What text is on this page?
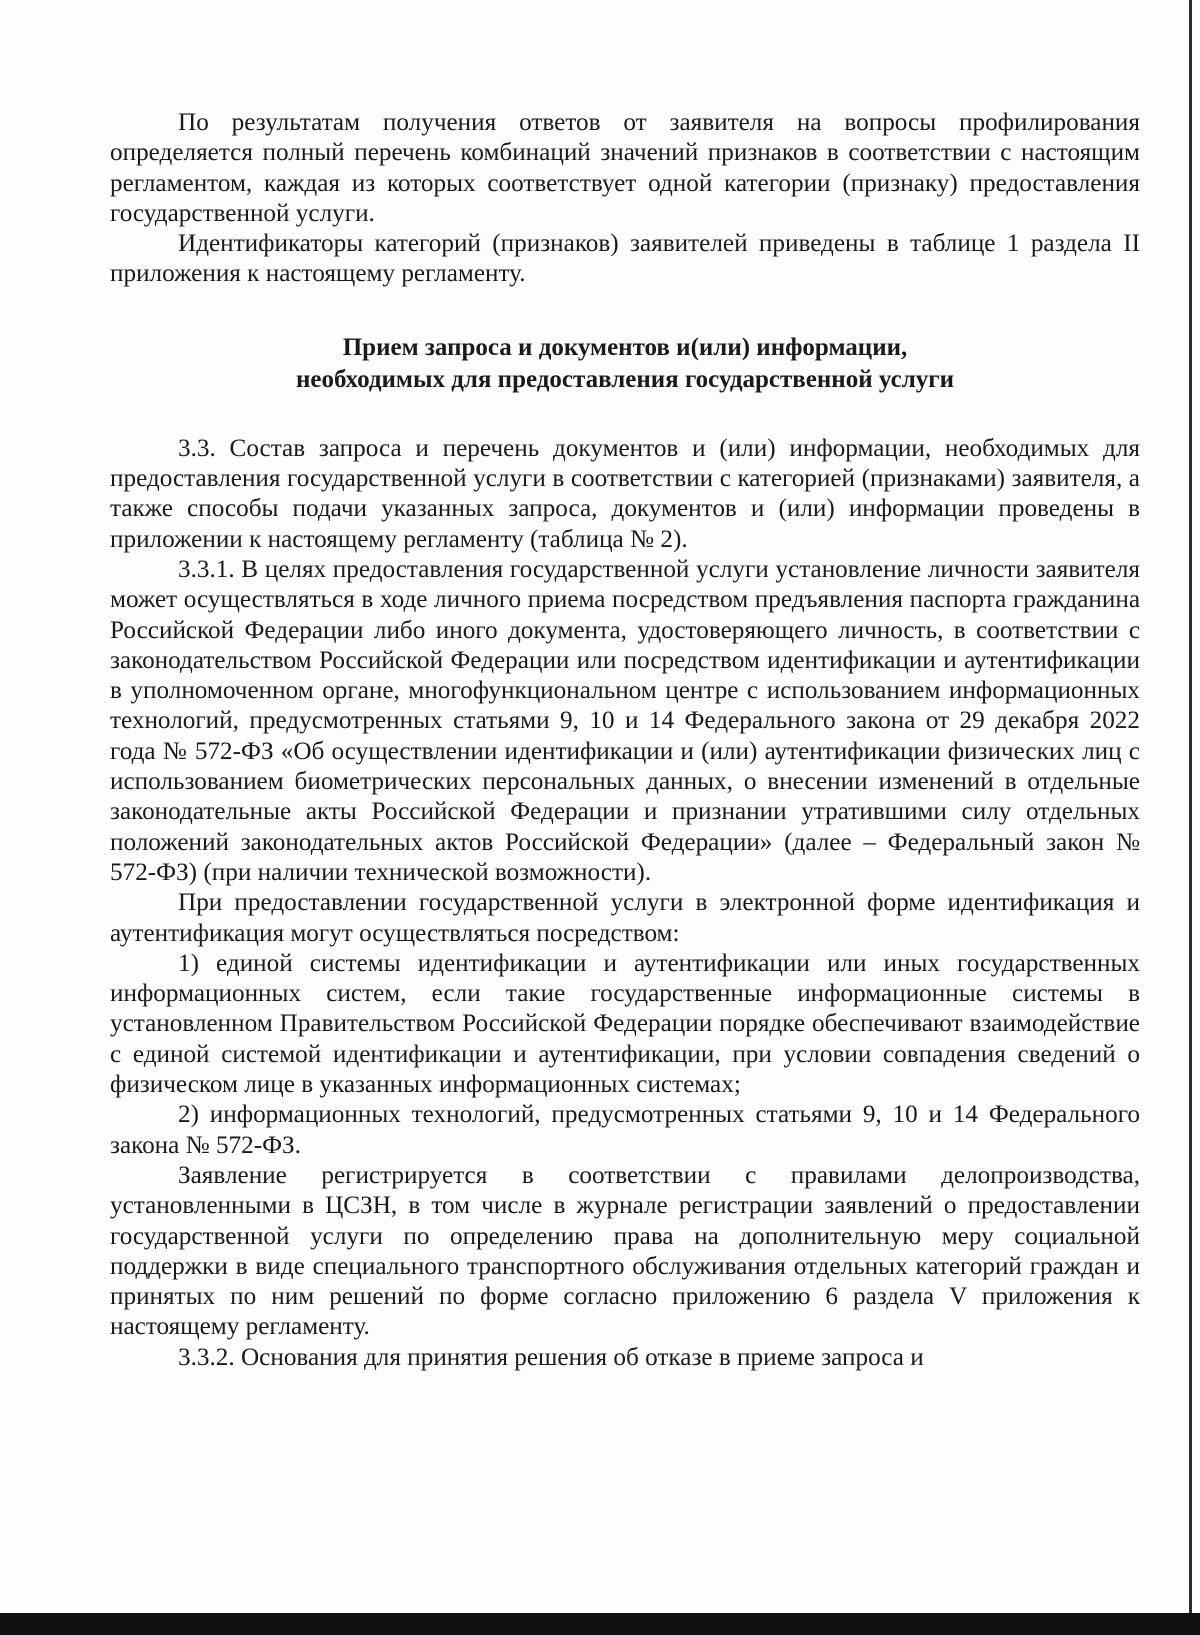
По результатам получения ответов от заявителя на вопросы профилирования определяется полный перечень комбинаций значений признаков в соответствии с настоящим регламентом, каждая из которых соответствует одной категории (признаку) предоставления государственной услуги.

Идентификаторы категорий (признаков) заявителей приведены в таблице 1 раздела II приложения к настоящему регламенту.

Прием запроса и документов и(или) информации,
необходимых для предоставления государственной услуги

3.3. Состав запроса и перечень документов и (или) информации, необходимых для предоставления государственной услуги в соответствии с категорией (признаками) заявителя, а также способы подачи указанных запроса, документов и (или) информации проведены в приложении к настоящему регламенту (таблица № 2).

3.3.1. В целях предоставления государственной услуги установление личности заявителя может осуществляться в ходе личного приема посредством предъявления паспорта гражданина Российской Федерации либо иного документа, удостоверяющего личность, в соответствии с законодательством Российской Федерации или посредством идентификации и аутентификации в уполномоченном органе, многофункциональном центре с использованием информационных технологий, предусмотренных статьями 9, 10 и 14 Федерального закона от 29 декабря 2022 года № 572-ФЗ «Об осуществлении идентификации и (или) аутентификации физических лиц с использованием биометрических персональных данных, о внесении изменений в отдельные законодательные акты Российской Федерации и признании утратившими силу отдельных положений законодательных актов Российской Федерации» (далее – Федеральный закон № 572-ФЗ) (при наличии технической возможности).

При предоставлении государственной услуги в электронной форме идентификация и аутентификация могут осуществляться посредством:

1) единой системы идентификации и аутентификации или иных государственных информационных систем, если такие государственные информационные системы в установленном Правительством Российской Федерации порядке обеспечивают взаимодействие с единой системой идентификации и аутентификации, при условии совпадения сведений о физическом лице в указанных информационных системах;

2) информационных технологий, предусмотренных статьями 9, 10 и 14 Федерального закона № 572-ФЗ.

Заявление регистрируется в соответствии с правилами делопроизводства, установленными в ЦСЗН, в том числе в журнале регистрации заявлений о предоставлении государственной услуги по определению права на дополнительную меру социальной поддержки в виде специального транспортного обслуживания отдельных категорий граждан и принятых по ним решений по форме согласно приложению 6 раздела V приложения к настоящему регламенту.

3.3.2. Основания для принятия решения об отказе в приеме запроса и
